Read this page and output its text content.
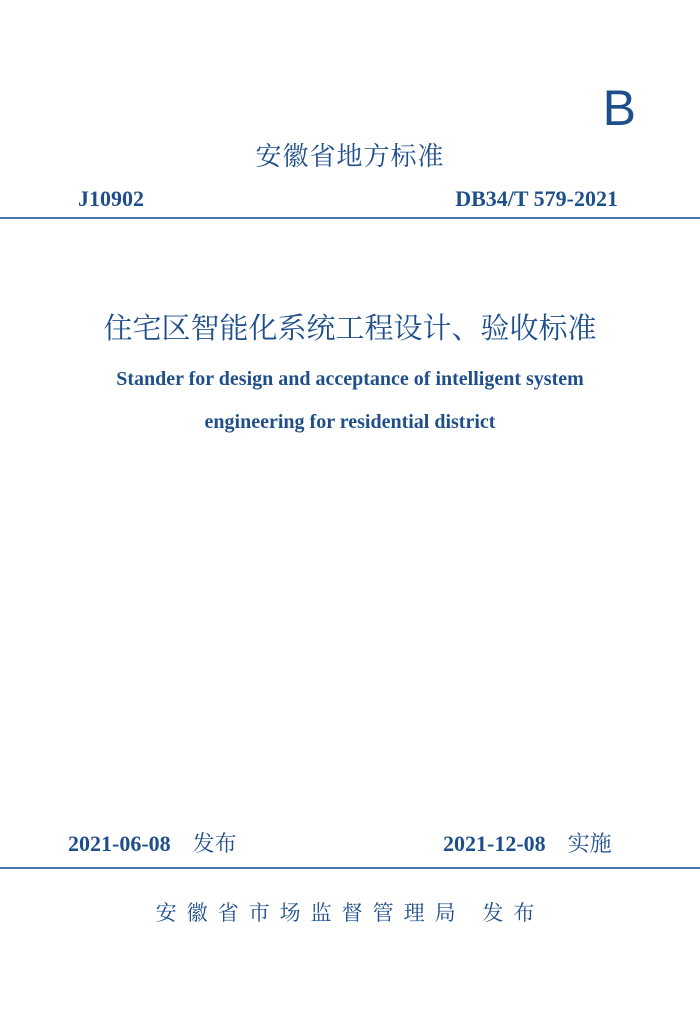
B
安徽省地方标准
J10902	DB34/T 579-2021
住宅区智能化系统工程设计、验收标准
Stander for design and acceptance of intelligent system
engineering for residential district
2021-06-08 发布	2021-12-08 实施
安徽省市场监督管理局 发布
